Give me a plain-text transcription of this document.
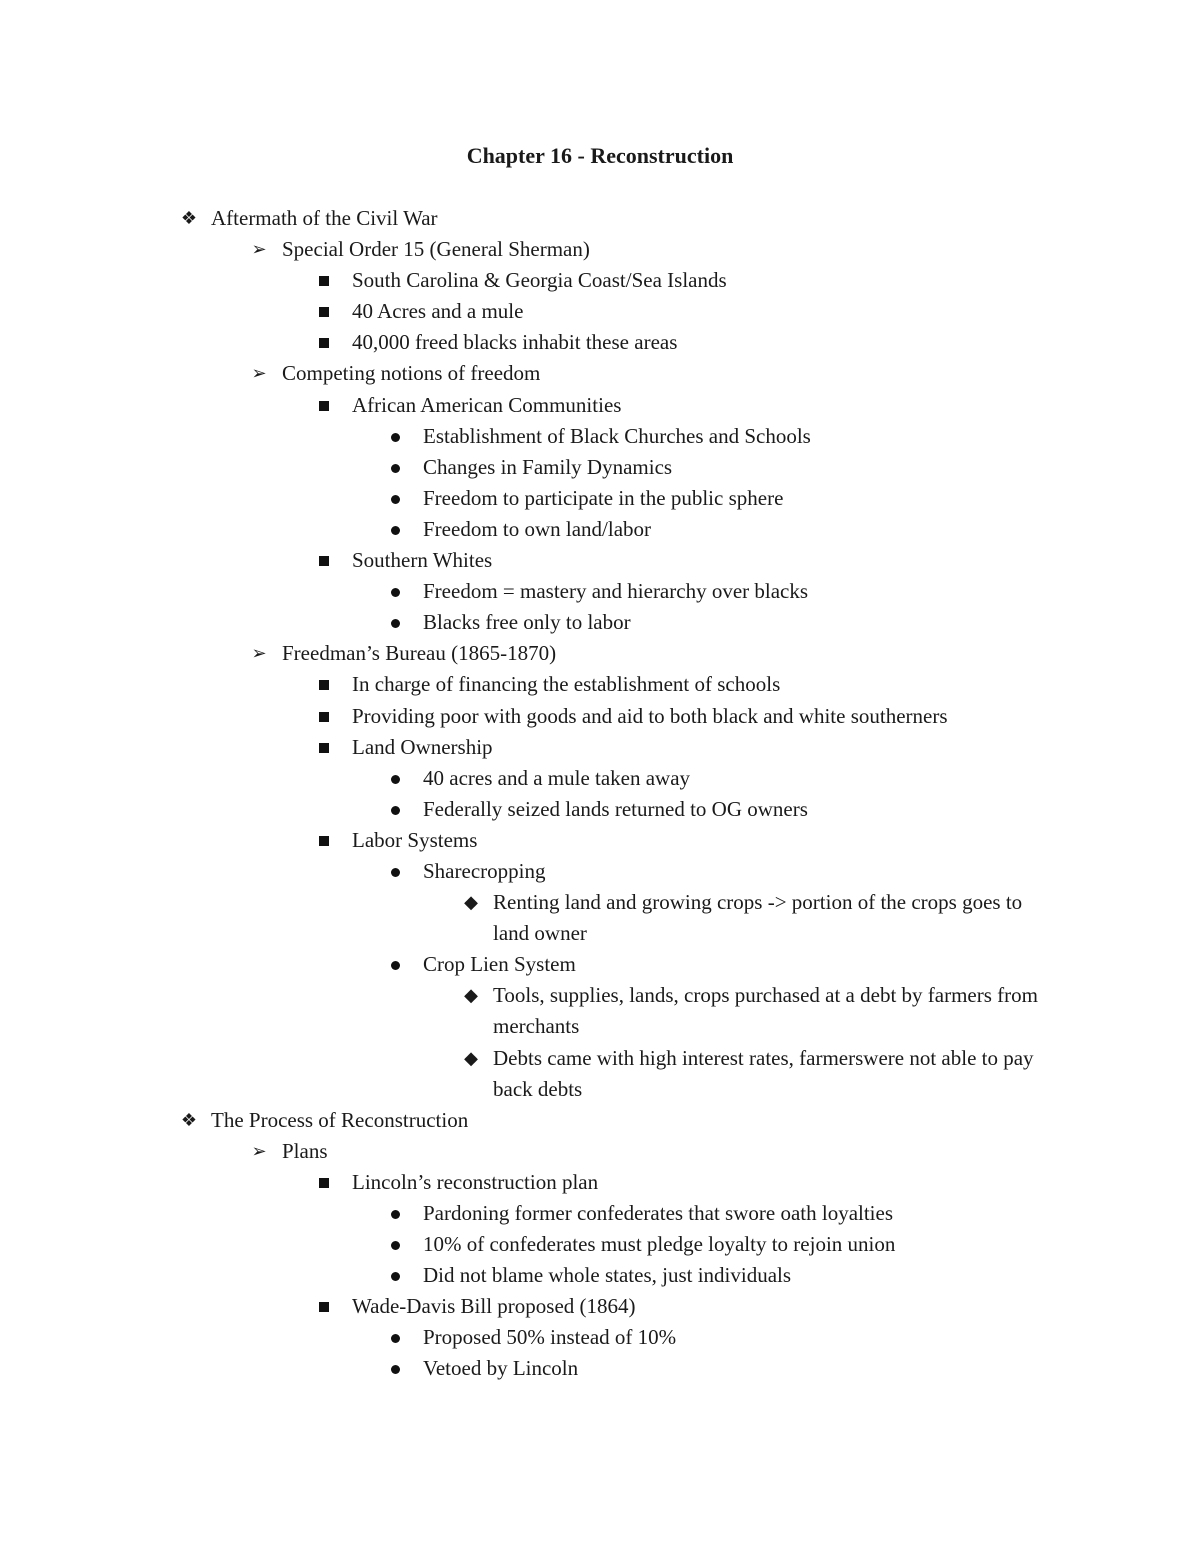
Chapter 16 - Reconstruction
❖ Aftermath of the Civil War
➢ Special Order 15 (General Sherman)
South Carolina & Georgia Coast/Sea Islands
40 Acres and a mule
40,000 freed blacks inhabit these areas
➢ Competing notions of freedom
African American Communities
Establishment of Black Churches and Schools
Changes in Family Dynamics
Freedom to participate in the public sphere
Freedom to own land/labor
Southern Whites
Freedom = mastery and hierarchy over blacks
Blacks free only to labor
➢ Freedman’s Bureau (1865-1870)
In charge of financing the establishment of schools
Providing poor with goods and aid to both black and white southerners
Land Ownership
40 acres and a mule taken away
Federally seized lands returned to OG owners
Labor Systems
Sharecropping
◆ Renting land and growing crops -> portion of the crops goes to land owner
Crop Lien System
◆ Tools, supplies, lands, crops purchased at a debt by farmers from merchants
◆ Debts came with high interest rates, farmerswere not able to pay back debts
❖ The Process of Reconstruction
➢ Plans
Lincoln’s reconstruction plan
Pardoning former confederates that swore oath loyalties
10% of confederates must pledge loyalty to rejoin union
Did not blame whole states, just individuals
Wade-Davis Bill proposed (1864)
Proposed 50% instead of 10%
Vetoed by Lincoln
